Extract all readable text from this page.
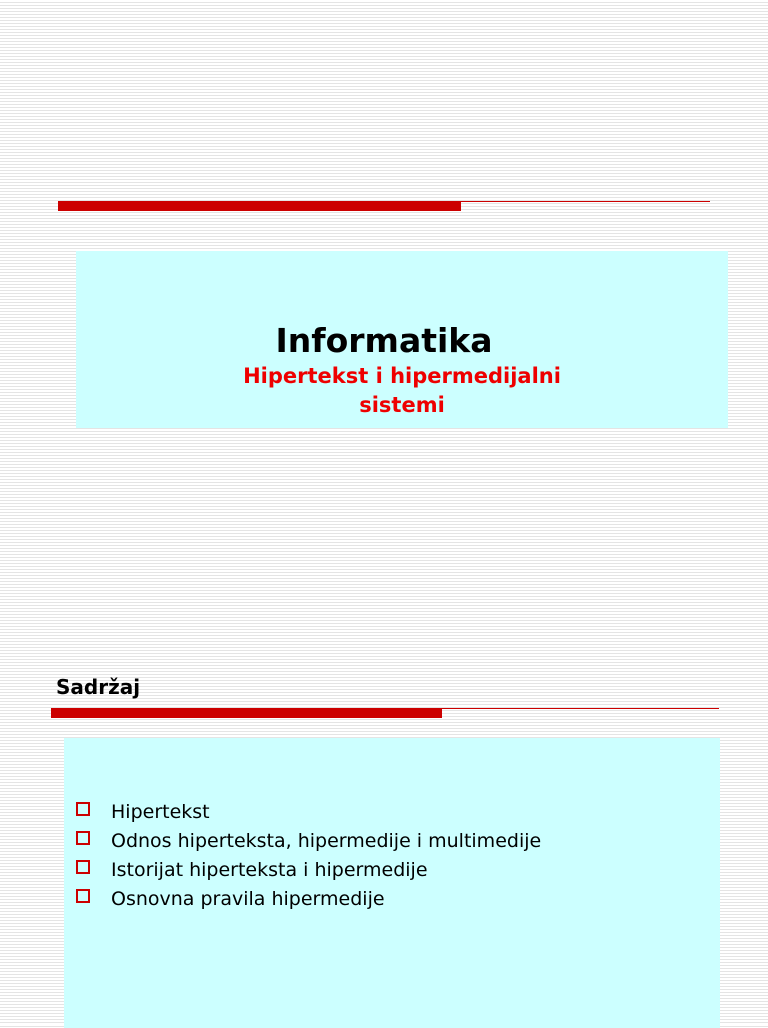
Informatika
Hipertekst i hipermedijalni
sistemi
Sadržaj
Hipertekst
Odnos hiperteksta, hipermedije i multimedije
Istorijat hiperteksta i hipermedije
Osnovna pravila hipermedije
